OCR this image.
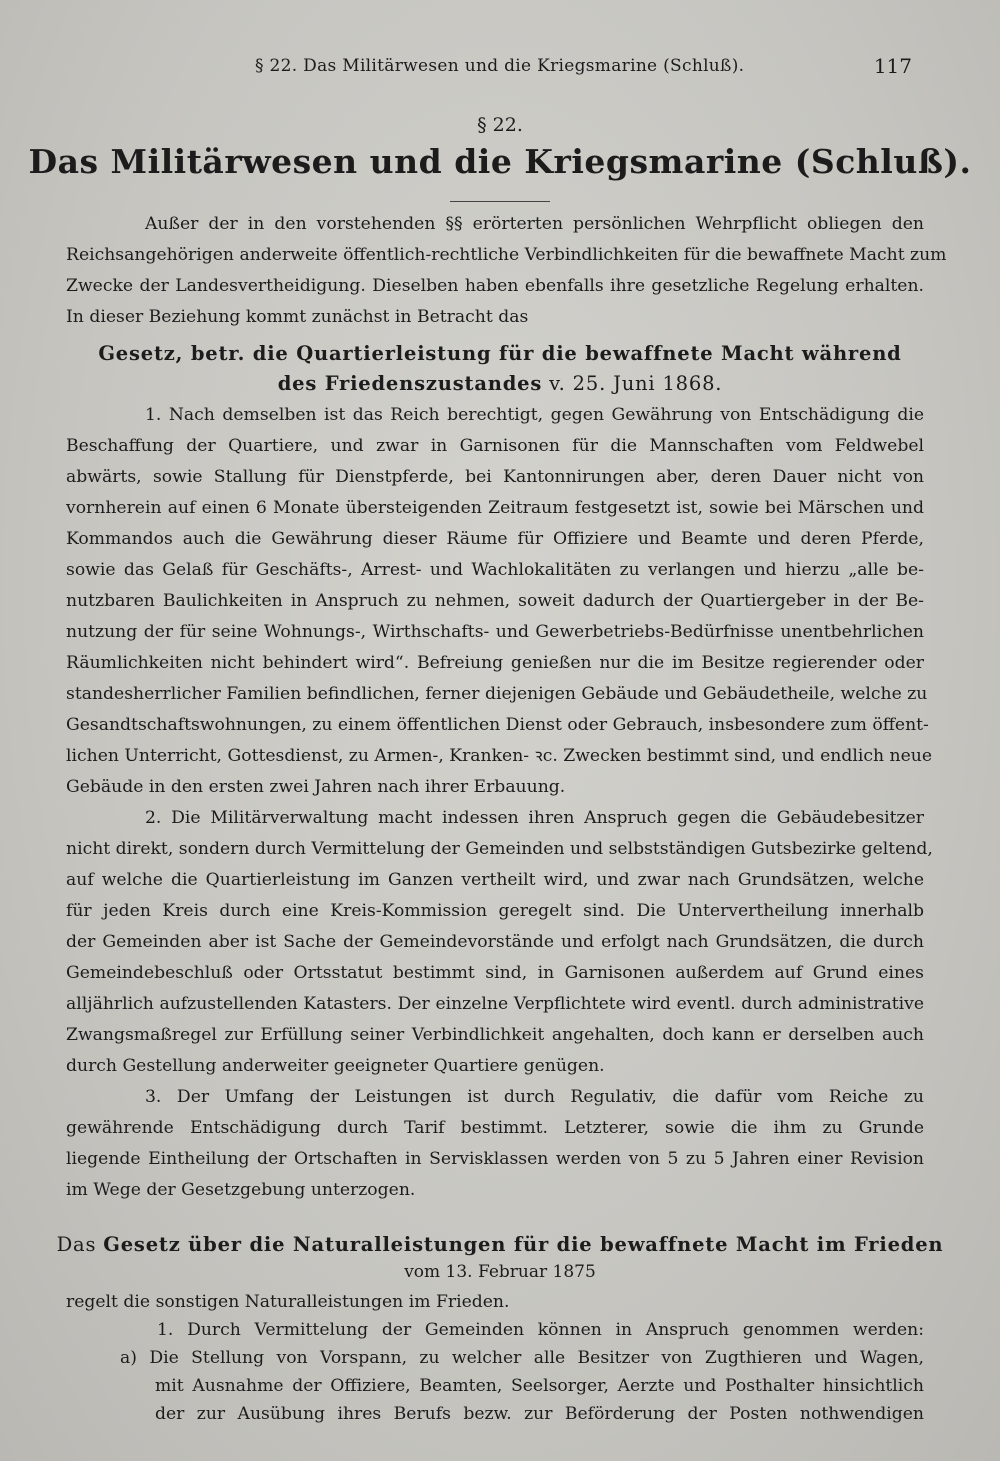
§ 22. Das Militärwesen und die Kriegsmarine (Schluß).	117
§ 22.
Das Militärwesen und die Kriegsmarine (Schluß).
Außer der in den vorstehenden §§ erörterten persönlichen Wehrpflicht obliegen den
Reichsangehörigen anderweite öffentlich-rechtliche Verbindlichkeiten für die bewaffnete Macht zum
Zwecke der Landesvertheidigung. Dieselben haben ebenfalls ihre gesetzliche Regelung erhalten.
In dieser Beziehung kommt zunächst in Betracht das
Gesetz, betr. die Quartierleistung für die bewaffnete Macht während
des Friedenszustandes v. 25. Juni 1868.
1. Nach demselben ist das Reich berechtigt, gegen Gewährung von Entschädigung die
Beschaffung der Quartiere, und zwar in Garnisonen für die Mannschaften vom Feldwebel
abwärts, sowie Stallung für Dienstpferde, bei Kantonnirungen aber, deren Dauer nicht von
vornherein auf einen 6 Monate übersteigenden Zeitraum festgesetzt ist, sowie bei Märschen und
Kommandos auch die Gewährung dieser Räume für Offiziere und Beamte und deren Pferde,
sowie das Gelaß für Geschäfts-, Arrest- und Wachlokalitäten zu verlangen und hierzu „alle be-
nutzbaren Baulichkeiten in Anspruch zu nehmen, soweit dadurch der Quartiergeber in der Be-
nutzung der für seine Wohnungs-, Wirthschafts- und Gewerbetriebs-Bedürfnisse unentbehrlichen
Räumlichkeiten nicht behindert wird“. Befreiung genießen nur die im Besitze regierender oder
standesherrlicher Familien befindlichen, ferner diejenigen Gebäude und Gebäudetheile, welche zu
Gesandtschaftswohnungen, zu einem öffentlichen Dienst oder Gebrauch, insbesondere zum öffent-
lichen Unterricht, Gottesdienst, zu Armen-, Kranken- ꝛc. Zwecken bestimmt sind, und endlich neue
Gebäude in den ersten zwei Jahren nach ihrer Erbauung.
2. Die Militärverwaltung macht indessen ihren Anspruch gegen die Gebäudebesitzer
nicht direkt, sondern durch Vermittelung der Gemeinden und selbstständigen Gutsbezirke geltend,
auf welche die Quartierleistung im Ganzen vertheilt wird, und zwar nach Grundsätzen, welche
für jeden Kreis durch eine Kreis-Kommission geregelt sind. Die Untervertheilung innerhalb
der Gemeinden aber ist Sache der Gemeindevorstände und erfolgt nach Grundsätzen, die durch
Gemeindebeschluß oder Ortsstatut bestimmt sind, in Garnisonen außerdem auf Grund eines
alljährlich aufzustellenden Katasters. Der einzelne Verpflichtete wird eventl. durch administrative
Zwangsmaßregel zur Erfüllung seiner Verbindlichkeit angehalten, doch kann er derselben auch
durch Gestellung anderweiter geeigneter Quartiere genügen.
3. Der Umfang der Leistungen ist durch Regulativ, die dafür vom Reiche zu
gewährende Entschädigung durch Tarif bestimmt. Letzterer, sowie die ihm zu Grunde
liegende Eintheilung der Ortschaften in Servisklassen werden von 5 zu 5 Jahren einer Revision
im Wege der Gesetzgebung unterzogen.
Das Gesetz über die Naturalleistungen für die bewaffnete Macht im Frieden
vom 13. Februar 1875
regelt die sonstigen Naturalleistungen im Frieden.
1. Durch Vermittelung der Gemeinden können in Anspruch genommen werden:
a) Die Stellung von Vorspann, zu welcher alle Besitzer von Zugthieren und Wagen,
mit Ausnahme der Offiziere, Beamten, Seelsorger, Aerzte und Posthalter hinsichtlich
der zur Ausübung ihres Berufs bezw. zur Beförderung der Posten nothwendigen
